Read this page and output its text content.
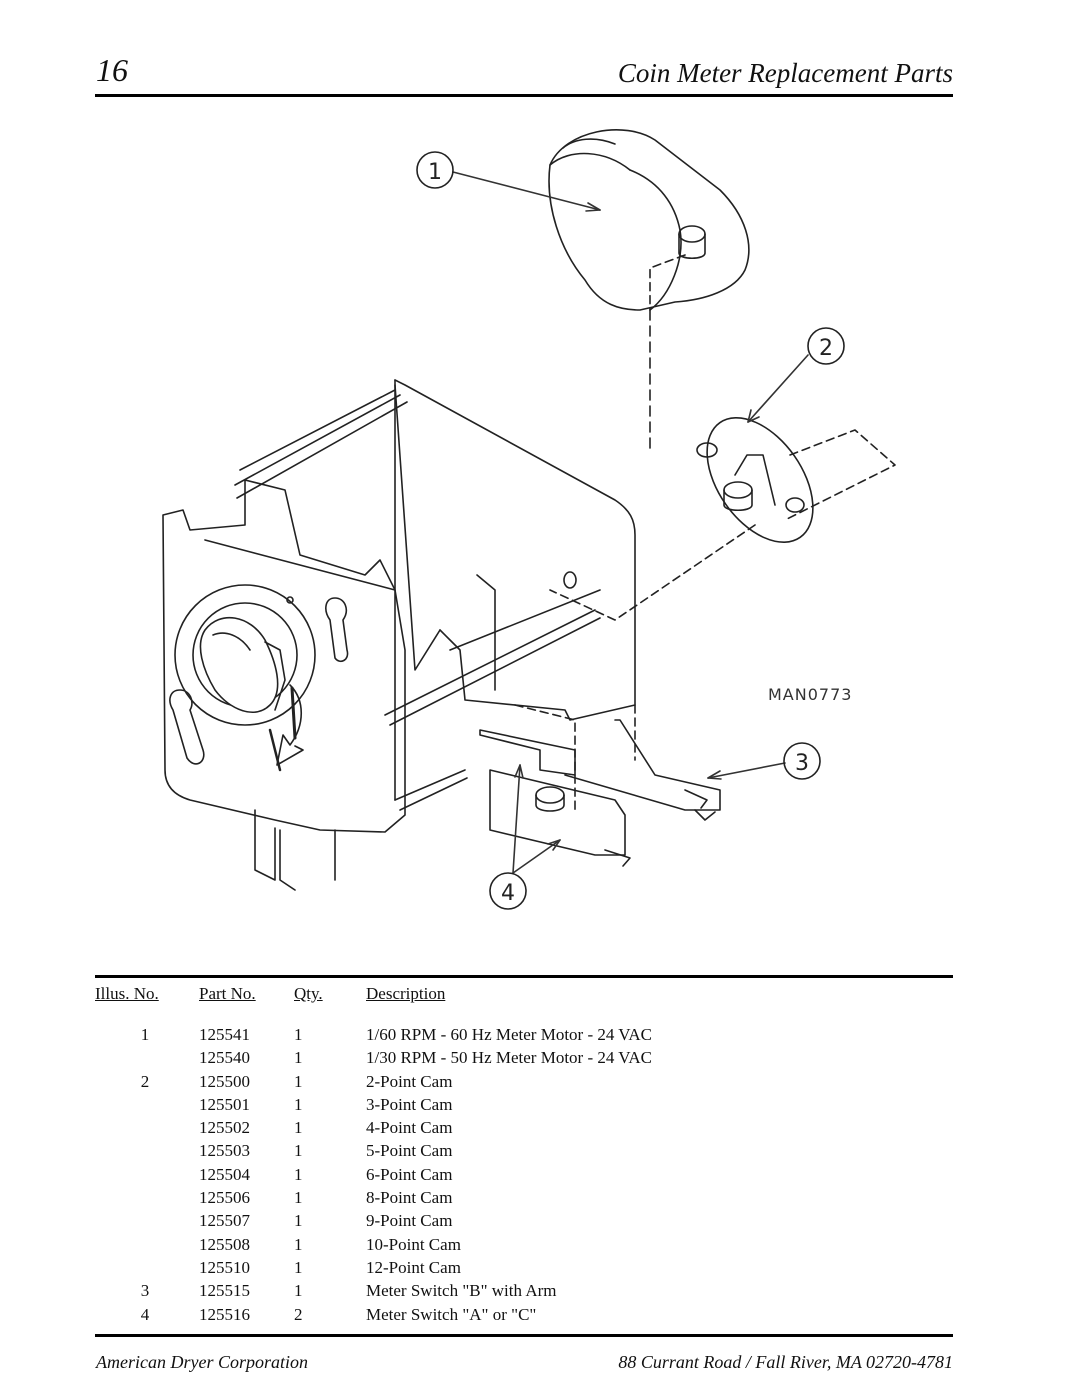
16	Coin Meter Replacement Parts
1
2
3
4
MAN0773
Illus. No.	Part No.	Qty.	Description

1	125541	1	1/60 RPM - 60 Hz Meter Motor - 24 VAC
	125540	1	1/30 RPM - 50 Hz Meter Motor - 24 VAC
2	125500	1	2-Point Cam
	125501	1	3-Point Cam
	125502	1	4-Point Cam
	125503	1	5-Point Cam
	125504	1	6-Point Cam
	125506	1	8-Point Cam
	125507	1	9-Point Cam
	125508	1	10-Point Cam
	125510	1	12-Point Cam
3	125515	1	Meter Switch "B" with Arm
4	125516	2	Meter Switch "A" or "C"
American Dryer Corporation	88 Currant Road / Fall River, MA 02720-4781
